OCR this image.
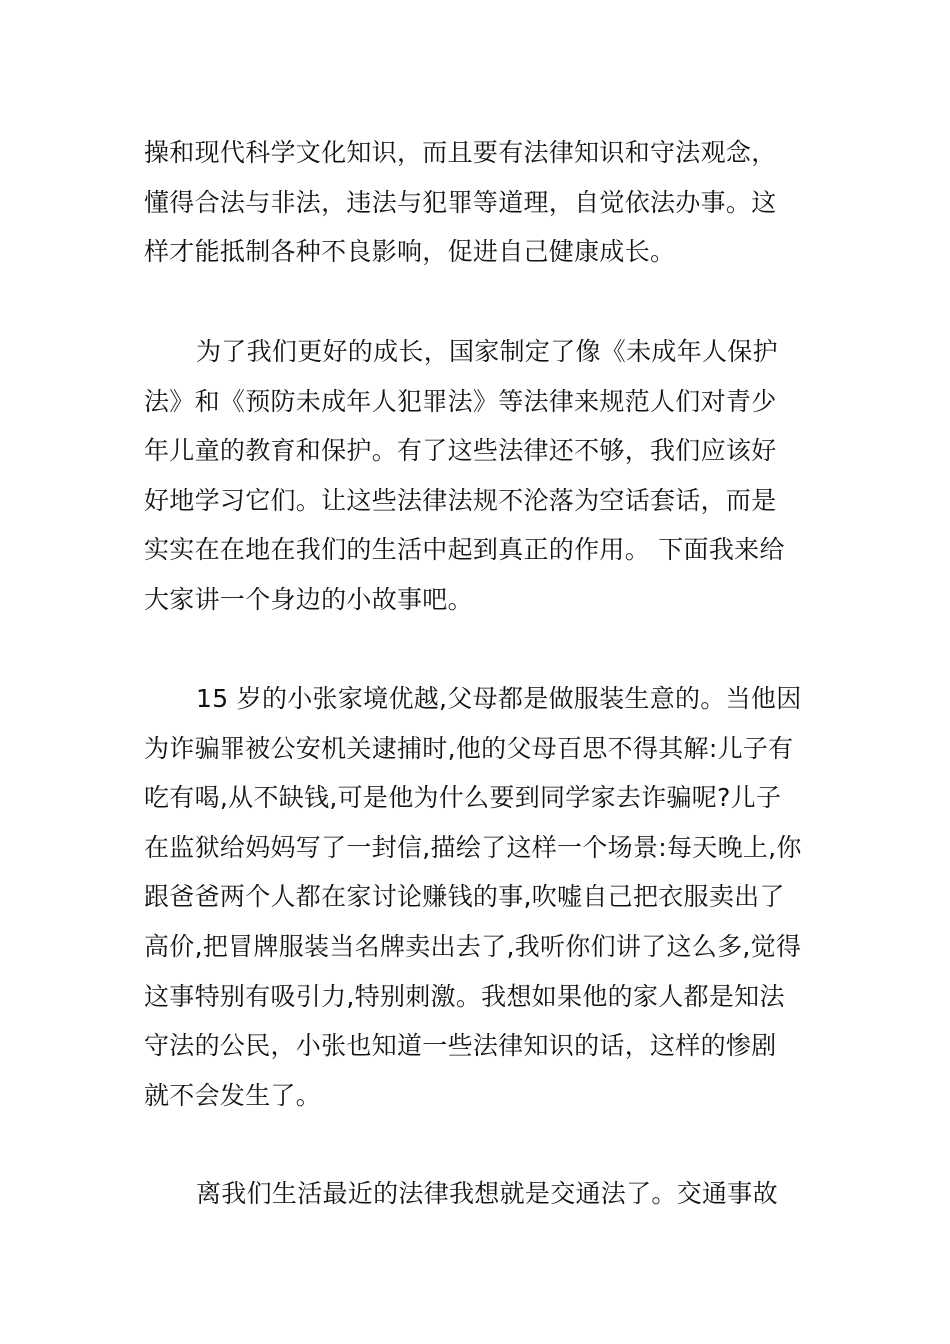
操和现代科学文化知识，而且要有法律知识和守法观念，
懂得合法与非法，违法与犯罪等道理，自觉依法办事。这
样才能抵制各种不良影响，促进自己健康成长。
为了我们更好的成长，国家制定了像《未成年人保护
法》和《预防未成年人犯罪法》等法律来规范人们对青少
年儿童的教育和保护。有了这些法律还不够，我们应该好
好地学习它们。让这些法律法规不沦落为空话套话，而是
实实在在地在我们的生活中起到真正的作用。 下面我来给
大家讲一个身边的小故事吧。
15 岁的小张家境优越,父母都是做服装生意的。当他因
为诈骗罪被公安机关逮捕时,他的父母百思不得其解:儿子有
吃有喝,从不缺钱,可是他为什么要到同学家去诈骗呢?儿子
在监狱给妈妈写了一封信,描绘了这样一个场景:每天晚上,你
跟爸爸两个人都在家讨论赚钱的事,吹嘘自己把衣服卖出了
高价,把冒牌服装当名牌卖出去了,我听你们讲了这么多,觉得
这事特别有吸引力,特别刺激。我想如果他的家人都是知法
守法的公民，小张也知道一些法律知识的话，这样的惨剧
就不会发生了。
离我们生活最近的法律我想就是交通法了。交通事故
